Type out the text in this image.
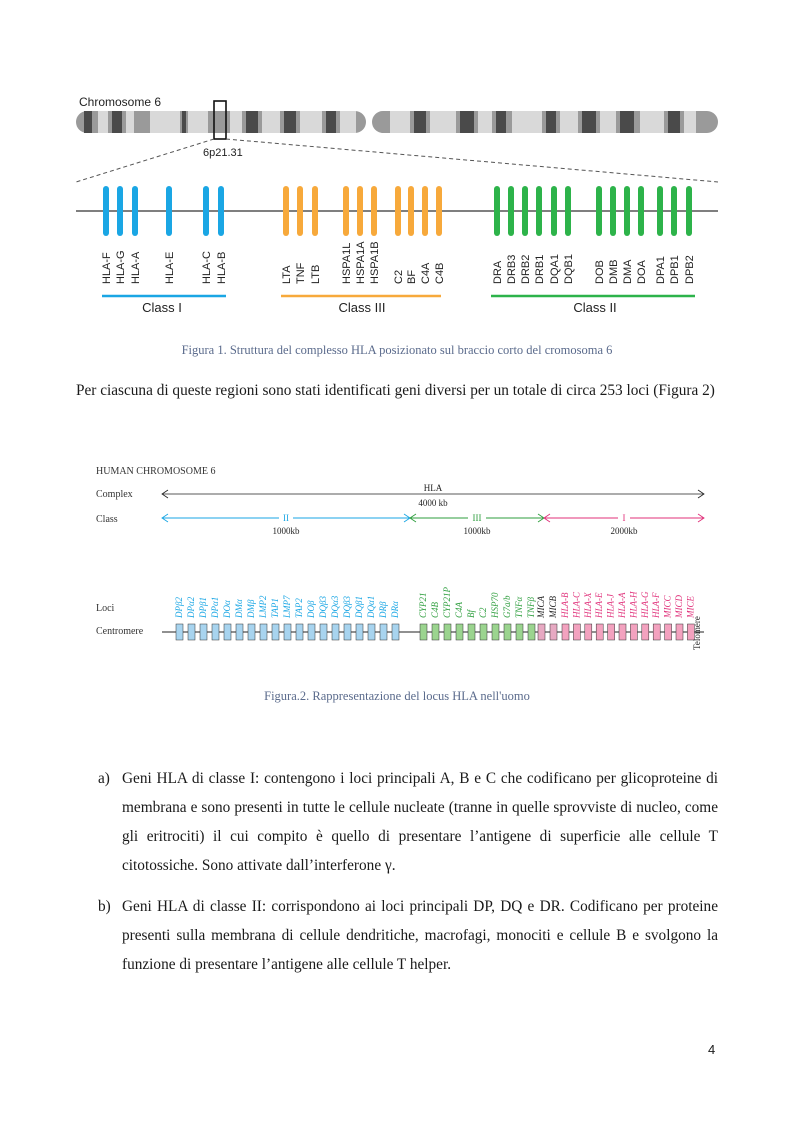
Chromosome 6
6p21.31
HLA-F HLA-G HLA-A HLA-E HLA-C HLA-B	LTA TNF LTB HSPA1L HSPA1A HSPA1B C2 BF C4A C4B	DRA DRB3 DRB2 DRB1 DQA1 DQB1 DOB DMB DMA DOA DPA1 DPB1 DPB2
Class I	Class III	Class II
Figura 1. Struttura del complesso HLA posizionato sul braccio corto del cromosoma 6
Per ciascuna di queste regioni sono stati identificati geni diversi per un totale di circa 253 loci (Figura 2)
HUMAN CHROMOSOME 6
Complex
Class
Loci
Centromere
HLA
4000 kb
II
1000kb
III
1000kb
I
2000kb
DPβ2 DPα2 DPβ1 DPα1 DOα DMα DMβ LMP2 TAP1 LMP7 TAP2 DOβ DQβ3 DQα3 DQβ3 DQβ1 DQα1 DRβ DRα CYP21 C4B CYP21P C4A Bf C2 HSP70 G7a/b TNFα TNFβ MICA MICB HLA-B HLA-C HLA-X HLA-E HLA-J HLA-A HLA-H HLA-G HLA-F MICC MICD MICE
Telomere
Figura.2. Rappresentazione del locus HLA nell'uomo
a) Geni HLA di classe I: contengono i loci principali A, B e C che codificano per glicoproteine di membrana e sono presenti in tutte le cellule nucleate (tranne in quelle sprovviste di nucleo, come gli eritrociti) il cui compito è quello di presentare l’antigene di superficie alle cellule T citotossiche. Sono attivate dall’interferone γ.
b) Geni HLA di classe II: corrispondono ai loci principali DP, DQ e DR. Codificano per proteine presenti sulla membrana di cellule dendritiche, macrofagi, monociti e cellule B e svolgono la funzione di presentare l’antigene alle cellule T helper.
4
